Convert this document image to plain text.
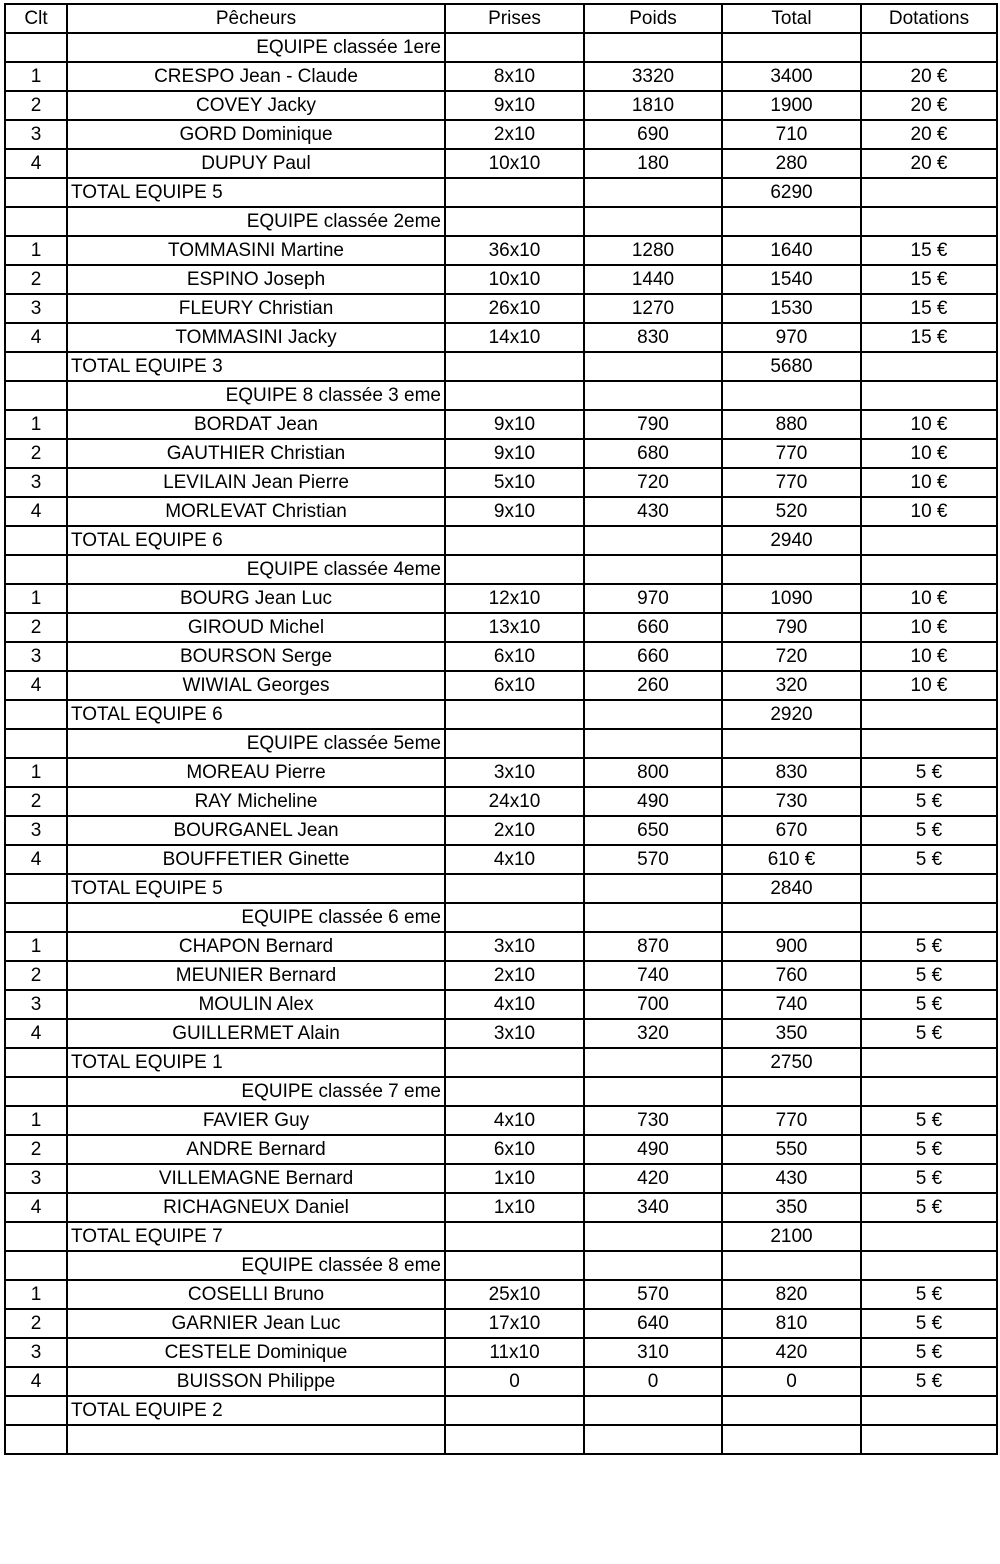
Clt	Pêcheurs	Prises	Poids	Total	Dotations
	EQUIPE classée 1ere				
1	CRESPO Jean - Claude	8x10	3320	3400	20 €
2	COVEY Jacky	9x10	1810	1900	20 €
3	GORD Dominique	2x10	690	710	20 €
4	DUPUY Paul	10x10	180	280	20 €
	TOTAL EQUIPE 5			6290	
	EQUIPE classée 2eme				
1	TOMMASINI Martine	36x10	1280	1640	15 €
2	ESPINO Joseph	10x10	1440	1540	15 €
3	FLEURY Christian	26x10	1270	1530	15 €
4	TOMMASINI Jacky	14x10	830	970	15 €
	TOTAL EQUIPE 3			5680	
	EQUIPE 8 classée 3 eme				
1	BORDAT Jean	9x10	790	880	10 €
2	GAUTHIER Christian	9x10	680	770	10 €
3	LEVILAIN Jean Pierre	5x10	720	770	10 €
4	MORLEVAT Christian	9x10	430	520	10 €
	TOTAL EQUIPE 6			2940	
	EQUIPE classée 4eme				
1	BOURG Jean Luc	12x10	970	1090	10 €
2	GIROUD Michel	13x10	660	790	10 €
3	BOURSON Serge	6x10	660	720	10 €
4	WIWIAL Georges	6x10	260	320	10 €
	TOTAL EQUIPE 6			2920	
	EQUIPE classée 5eme				
1	MOREAU Pierre	3x10	800	830	5 €
2	RAY Micheline	24x10	490	730	5 €
3	BOURGANEL Jean	2x10	650	670	5 €
4	BOUFFETIER Ginette	4x10	570	610 €	5 €
	TOTAL EQUIPE 5			2840	
	EQUIPE classée 6 eme				
1	CHAPON Bernard	3x10	870	900	5 €
2	MEUNIER Bernard	2x10	740	760	5 €
3	MOULIN Alex	4x10	700	740	5 €
4	GUILLERMET Alain	3x10	320	350	5 €
	TOTAL EQUIPE 1			2750	
	EQUIPE classée 7 eme				
1	FAVIER Guy	4x10	730	770	5 €
2	ANDRE Bernard	6x10	490	550	5 €
3	VILLEMAGNE Bernard	1x10	420	430	5 €
4	RICHAGNEUX Daniel	1x10	340	350	5 €
	TOTAL EQUIPE 7			2100	
	EQUIPE classée 8 eme				
1	COSELLI Bruno	25x10	570	820	5 €
2	GARNIER Jean Luc	17x10	640	810	5 €
3	CESTELE Dominique	11x10	310	420	5 €
4	BUISSON Philippe	0	0	0	5 €
	TOTAL EQUIPE 2				
